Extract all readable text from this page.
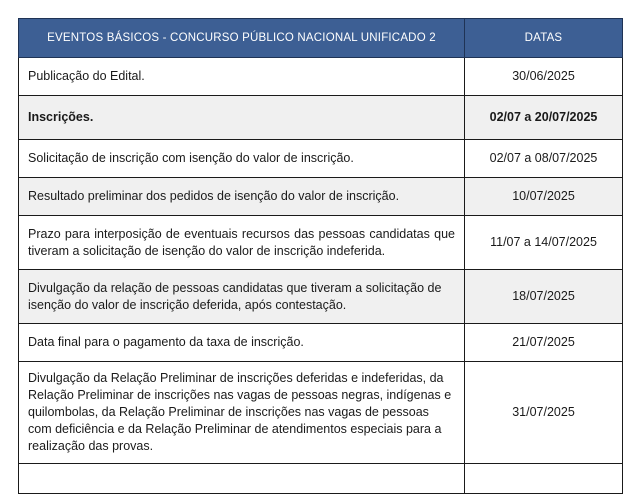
EVENTOS BÁSICOS - CONCURSO PÚBLICO NACIONAL UNIFICADO 2	DATAS
Publicação do Edital.	30/06/2025
Inscrições.	02/07 a 20/07/2025
Solicitação de inscrição com isenção do valor de inscrição.	02/07 a 08/07/2025
Resultado preliminar dos pedidos de isenção do valor de inscrição.	10/07/2025
Prazo para interposição de eventuais recursos das pessoas candidatas que tiveram a solicitação de isenção do valor de inscrição indeferida.	11/07 a 14/07/2025
Divulgação da relação de pessoas candidatas que tiveram a solicitação de isenção do valor de inscrição deferida, após contestação.	18/07/2025
Data final para o pagamento da taxa de inscrição.	21/07/2025
Divulgação da Relação Preliminar de inscrições deferidas e indeferidas, da Relação Preliminar de inscrições nas vagas de pessoas negras, indígenas e quilombolas, da Relação Preliminar de inscrições nas vagas de pessoas com deficiência e da Relação Preliminar de atendimentos especiais para a realização das provas.	31/07/2025
